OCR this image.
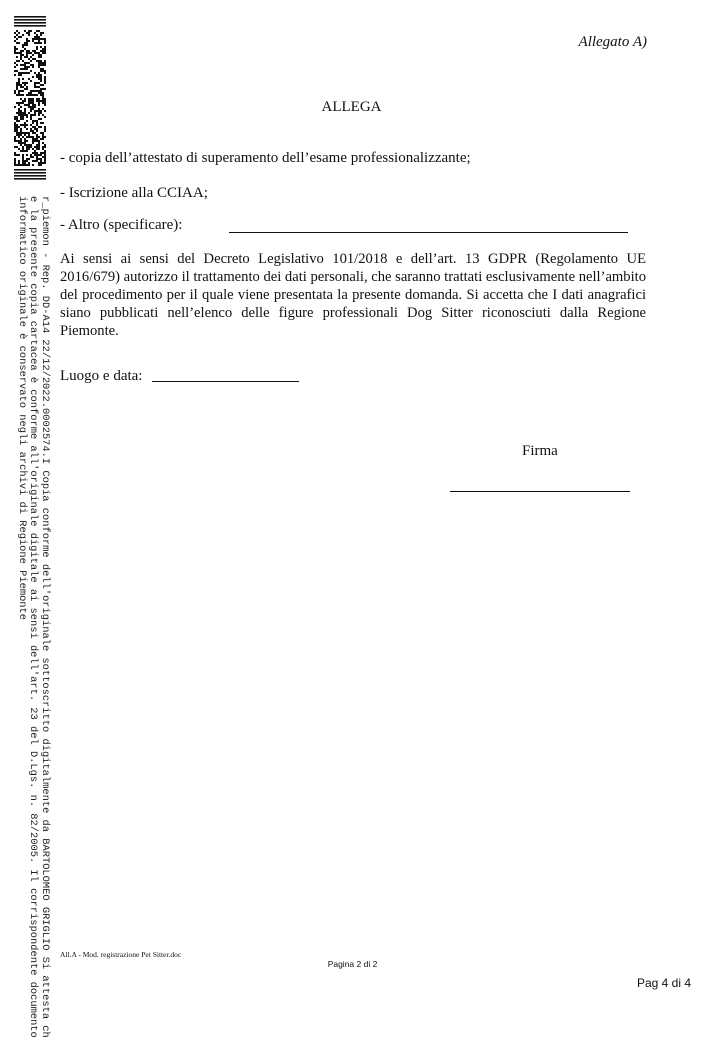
r_piemon - Rep. DD-A14 22/12/2022.0002574.I Copia conforme dell'originale sottoscritto digitalmente da BARTOLOMEO GRIGLIO Si attesta ch
e la presente copia cartacea è conforme all'originale digitale ai sensi dell'art. 23 del D.Lgs. n. 82/2005. Il corrispondente documento
informatico originale è conservato negli archivi di Regione Piemonte
Allegato A)
ALLEGA
- copia dell’attestato di superamento dell’esame professionalizzante;
- Iscrizione alla CCIAA;
- Altro (specificare):
Ai sensi ai sensi del Decreto Legislativo 101/2018 e dell’art. 13 GDPR (Regolamento UE 2016/679) autorizzo il trattamento dei dati personali, che saranno trattati esclusivamente nell’ambito del procedimento per il quale viene presentata la presente domanda. Si accetta che I dati anagrafici siano pubblicati nell’elenco delle figure professionali Dog Sitter riconosciuti dalla Regione Piemonte.
Luogo e data:
Firma
All.A - Mod. registrazione Pet Sitter.doc
Pagina 2 di 2
Pag 4 di 4
